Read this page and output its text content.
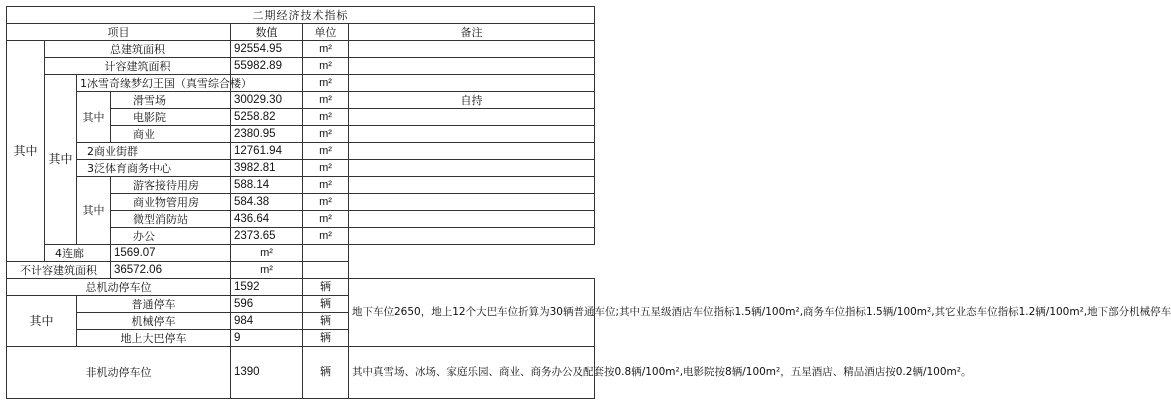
二期经济技术指标						
项目				数值	单位	备注
其中	总建筑面积			92554.95	m²	
	计容建筑面积			55982.89	m²	
	其中	1冰雪奇缘梦幻王国（真雪综合楼）			m²	
		其中	滑雪场	30029.30	m²	自持
			电影院	5258.82	m²	
			商业	2380.95	m²	
		2商业街群		12761.94	m²	
		3泛体育商务中心		3982.81	m²	
		其中	游客接待用房	588.14	m²	
			商业物管用房	584.38	m²	
			微型消防站	436.64	m²	
			办公	2373.65	m²	
	4连廊		1569.07	m²		
不计容建筑面积			36572.06	m²		
总机动停车位				1592	辆	地下车位2650，地上12个大巴车位折算为30辆普通车位;其中五星级酒店车位指标1.5辆/100m²,商务车位指标1.5辆/100m²,其它业态车位指标1.2辆/100m²,地下部分机械停车
其中		普通停车		596	辆	
		机械停车		984	辆	
		地上大巴停车		9	辆	
非机动停车位				1390	辆	其中真雪场、冰场、家庭乐园、商业、商务办公及配套按0.8辆/100m²,电影院按8辆/100m²，五星酒店、精品酒店按0.2辆/100m²。
